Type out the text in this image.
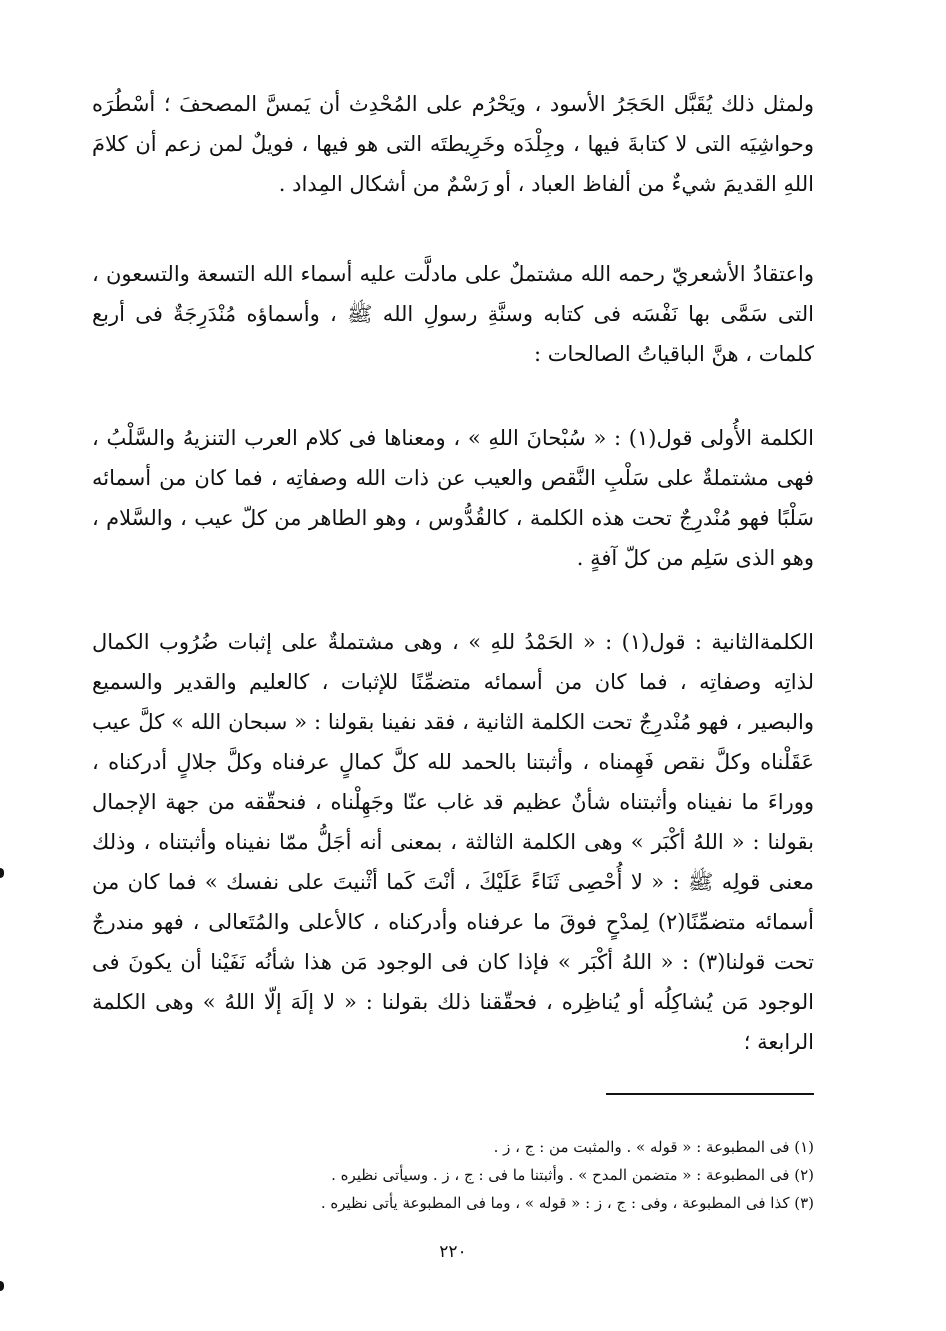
ولمثل ذلك يُقَبَّل الحَجَرُ الأسود ، ويَحْرُم على المُحْدِث أن يَمسَّ المصحفَ ؛ أسْطُرَه وحواشِيَه التى لا كتابةَ فيها ، وجِلْدَه وخَرِيطتَه التى هو فيها ، فويلٌ لمن زعم أن كلامَ اللهِ القديمَ شيءٌ من ألفاظ العباد ، أو رَسْمٌ من أشكال المِداد .

واعتقادُ الأشعريّ رحمه الله مشتملٌ على مادلَّت عليه أسماء الله التسعة والتسعون ، التى سَمَّى بها نَفْسَه فى كتابه وسنَّةِ رسولِ الله ﷺ ، وأسماؤه مُنْدَرِجَةٌ فى أربع كلمات ، هنَّ الباقياتُ الصالحات :

الكلمة الأُولى قول(١) : « سُبْحانَ اللهِ » ، ومعناها فى كلام العرب التنزيهُ والسَّلْبُ ، فهى مشتملةٌ على سَلْبِ النَّقص والعيب عن ذات الله وصفاتِه ، فما كان من أسمائه سَلْبًا فهو مُنْدرِجٌ تحت هذه الكلمة ، كالقُدُّوس ، وهو الطاهر من كلّ عيب ، والسَّلام ، وهو الذى سَلِم من كلّ آفةٍ .

الكلمةالثانية : قول(١) : « الحَمْدُ للهِ » ، وهى مشتملةٌ على إثبات ضُرُوب الكمال لذاتِه وصفاتِه ، فما كان من أسمائه متضمِّنًا للإثبات ، كالعليم والقدير والسميع والبصير ، فهو مُنْدرِجٌ تحت الكلمة الثانية ، فقد نفينا بقولنا : « سبحان الله » كلَّ عيب عَقَلْناه وكلَّ نقص فَهِمناه ، وأثبتنا بالحمد لله كلَّ كمالٍ عرفناه وكلَّ جلالٍ أدركناه ، ووراءَ ما نفيناه وأثبتناه شأنٌ عظيم قد غاب عنّا وجَهِلْناه ، فنحقّقه من جهة الإجمال بقولنا : « اللهُ أكْبَر » وهى الكلمة الثالثة ، بمعنى أنه أجَلُّ ممّا نفيناه وأثبتناه ، وذلك معنى قولِه ﷺ : « لا أُحْصِى ثَنَاءً عَلَيْكَ ، أنْتَ كَما أثْنيتَ على نفسك » فما كان من أسمائه متضمِّنًا(٢) لِمدْحٍ فوقَ ما عرفناه وأدركناه ، كالأعلى والمُتَعالى ، فهو مندرجٌ تحت قولنا(٣) : « اللهُ أكْبَر » فإذا كان فى الوجود مَن هذا شأنُه نَفَيْنا أن يكونَ فى الوجود مَن يُشاكِلُه أو يُناظِره ، فحقّقنا ذلك بقولنا : « لا إلَهَ إلّا اللهُ » وهى الكلمة الرابعة ؛

(١) فى المطبوعة : « قوله » . والمثبت من : ج ، ز .

(٢) فى المطبوعة : « متضمن المدح » . وأثبتنا ما فى : ج ، ز . وسيأتى نظيره .

(٣) كذا فى المطبوعة ، وفى : ج ، ز : « قوله » ، وما فى المطبوعة يأتى نظيره .

٢٢٠
